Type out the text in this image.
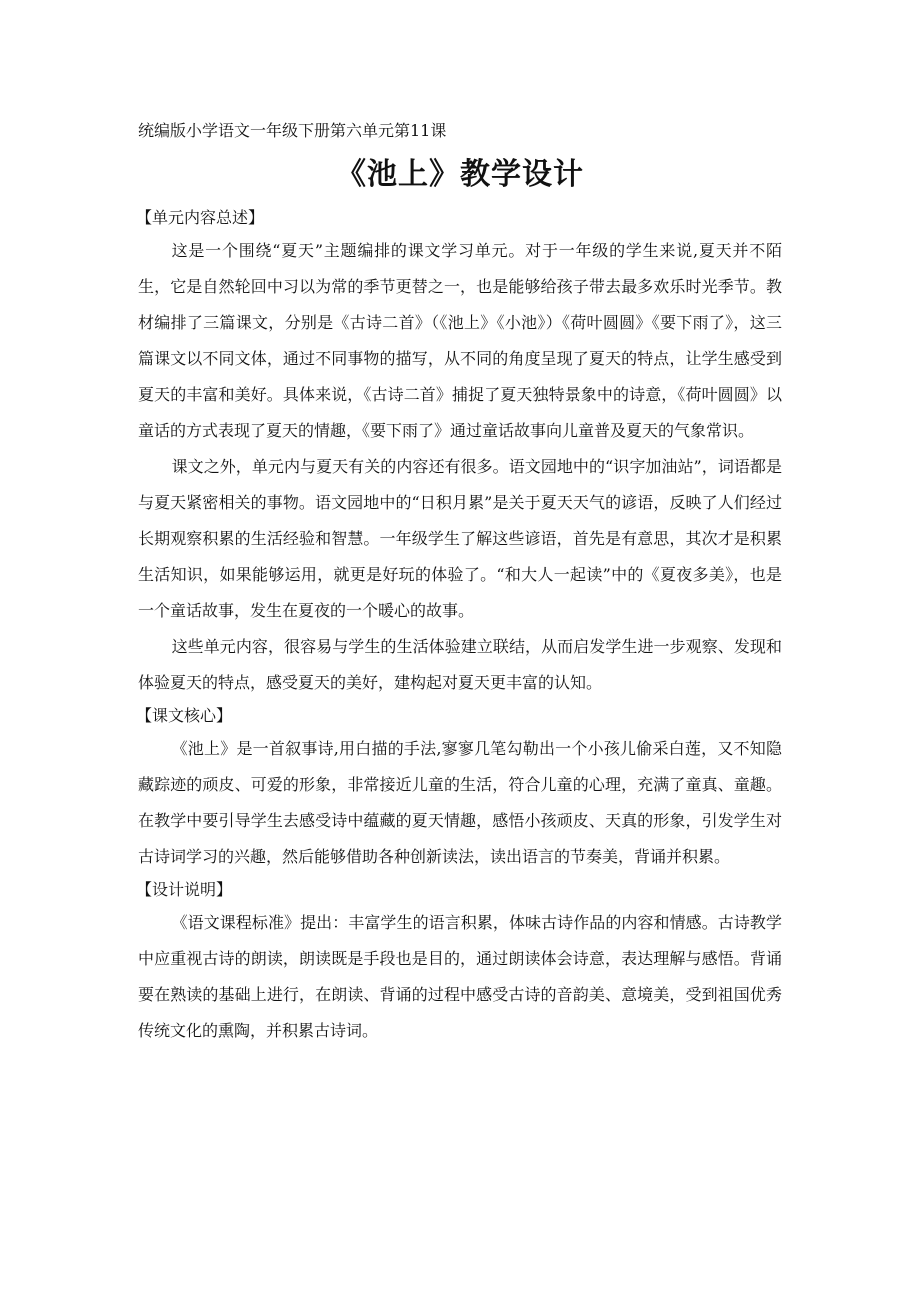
统编版小学语文一年级下册第六单元第11课

《池上》教学设计
【单元内容总述】

这是一个围绕“夏天”主题编排的课文学习单元。对于一年级的学生来说,夏天并不陌生，它是自然轮回中习以为常的季节更替之一，也是能够给孩子带去最多欢乐时光季节。教材编排了三篇课文，分别是《古诗二首》（《池上》《小池》）《荷叶圆圆》《要下雨了》，这三篇课文以不同文体，通过不同事物的描写，从不同的角度呈现了夏天的特点，让学生感受到夏天的丰富和美好。具体来说，《古诗二首》捕捉了夏天独特景象中的诗意，《荷叶圆圆》以童话的方式表现了夏天的情趣，《要下雨了》通过童话故事向儿童普及夏天的气象常识。

课文之外，单元内与夏天有关的内容还有很多。语文园地中的“识字加油站”，词语都是与夏天紧密相关的事物。语文园地中的“日积月累”是关于夏天天气的谚语，反映了人们经过长期观察积累的生活经验和智慧。一年级学生了解这些谚语，首先是有意思，其次才是积累生活知识，如果能够运用，就更是好玩的体验了。“和大人一起读”中的《夏夜多美》，也是一个童话故事，发生在夏夜的一个暖心的故事。

这些单元内容，很容易与学生的生活体验建立联结，从而启发学生进一步观察、发现和体验夏天的特点，感受夏天的美好，建构起对夏天更丰富的认知。

【课文核心】

《池上》是一首叙事诗,用白描的手法,寥寥几笔勾勒出一个小孩儿偷采白莲，又不知隐藏踪迹的顽皮、可爱的形象，非常接近儿童的生活，符合儿童的心理，充满了童真、童趣。在教学中要引导学生去感受诗中蕴藏的夏天情趣，感悟小孩顽皮、天真的形象，引发学生对古诗词学习的兴趣，然后能够借助各种创新读法，读出语言的节奏美，背诵并积累。

【设计说明】

《语文课程标准》提出：丰富学生的语言积累，体味古诗作品的内容和情感。古诗教学中应重视古诗的朗读，朗读既是手段也是目的，通过朗读体会诗意，表达理解与感悟。背诵要在熟读的基础上进行，在朗读、背诵的过程中感受古诗的音韵美、意境美，受到祖国优秀传统文化的熏陶，并积累古诗词。
